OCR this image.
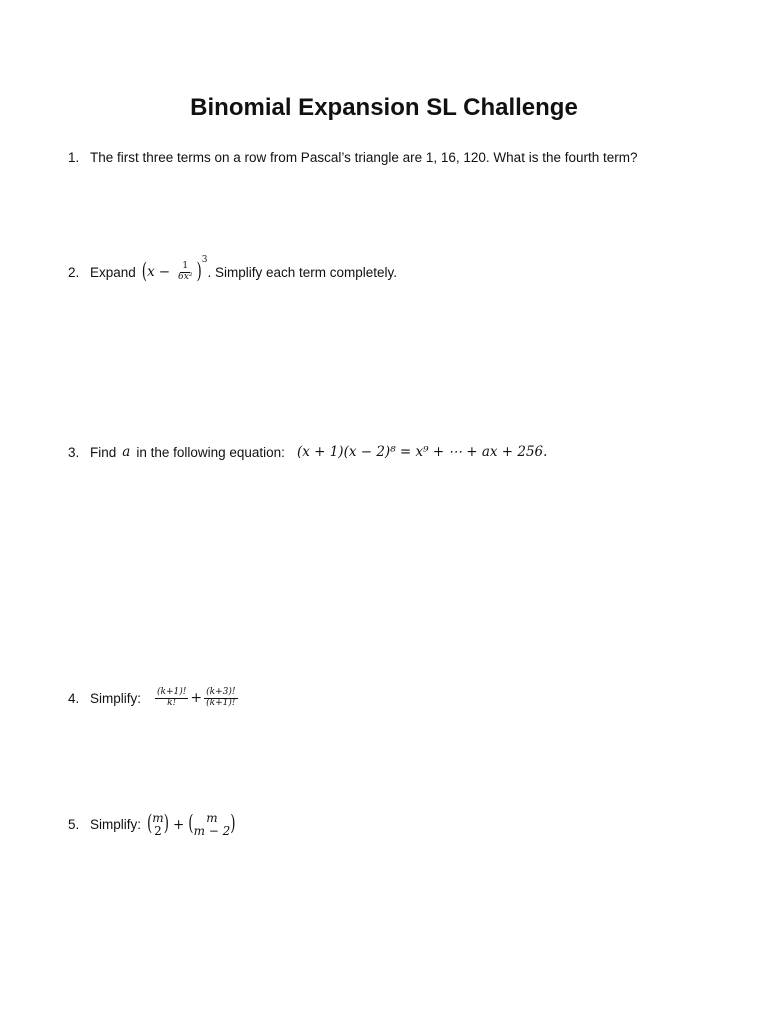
Binomial Expansion SL Challenge
1. The first three terms on a row from Pascal’s triangle are 1, 16, 120. What is the fourth term?
2. Expand ( $x - \frac{1}{\text{6x²}} )^3$
. Simplify each term completely.
3. Find a in the following equation: (x + 1)(x − 2)⁸ = x⁹ + ⋯ + ax + 256.
4. Simplify: $\frac{(k+1)!}{k!} + \frac{(k+3)!}{(k+1)!}$
5. Simplify: ( m
2 ) + ( m
m − 2 )
